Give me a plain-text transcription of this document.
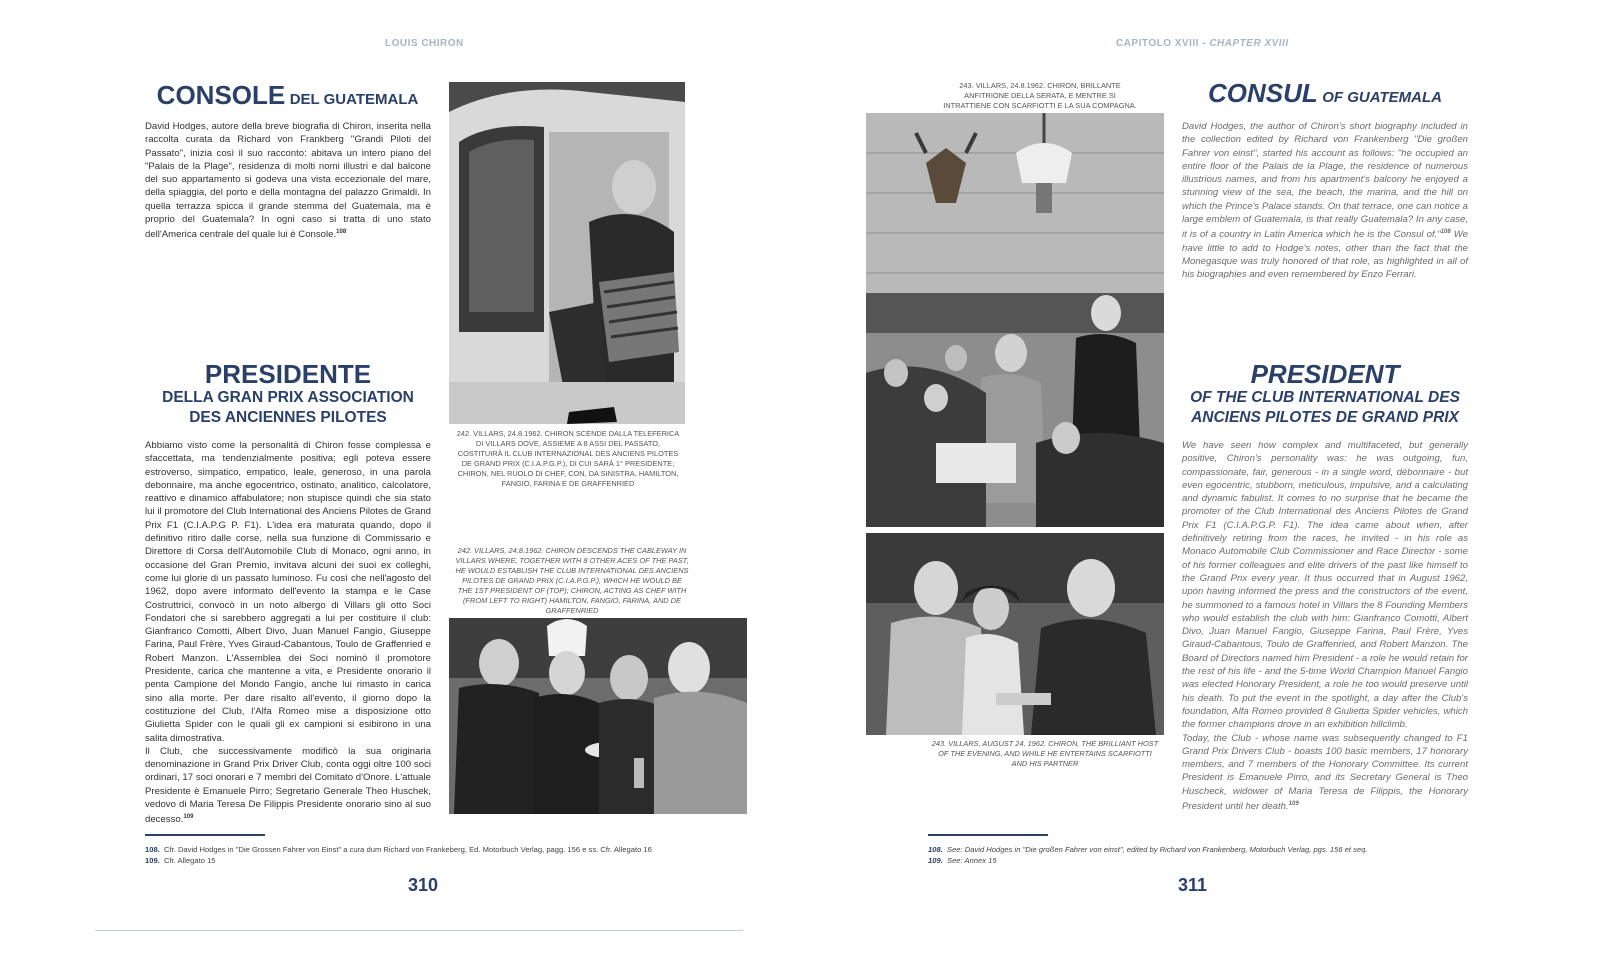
LOUIS CHIRON
CONSOLE DEL GUATEMALA
David Hodges, autore della breve biografia di Chiron, inserita nella raccolta curata da Richard von Frankberg "Grandi Piloti del Passato", inizia così il suo racconto: abitava un intero piano del "Palais de la Plage", residenza di molti nomi illustri e dal balcone del suo appartamento si godeva una vista eccezionale del mare, della spiaggia, del porto e della montagna del palazzo Grimaldi. In quella terrazza spicca il grande stemma del Guatemala, ma è proprio del Guatemala? In ogni caso si tratta di uno stato dell'America centrale del quale lui è Console.$^{108}$
PRESIDENTE
DELLA GRAN PRIX ASSOCIATION
DES ANCIENNES PILOTES
Abbiamo visto come la personalità di Chiron fosse complessa e sfaccettata, ma tendenzialmente positiva; egli poteva essere estroverso, simpatico, empatico, leale, generoso, in una parola debonnaire, ma anche egocentrico, ostinato, analitico, calcolatore, reattivo e dinamico affabulatore; non stupisce quindi che sia stato lui il promotore del Club International des Anciens Pilotes de Grand Prix F1 (C.I.A.P.G P. F1). L'idea era maturata quando, dopo il definitivo ritiro dalle corse, nella sua funzione di Commissario e Direttore di Corsa dell'Automobile Club di Monaco, ogni anno, in occasione del Gran Premio, invitava alcuni dei suoi ex colleghi, come lui glorie di un passato luminoso. Fu così che nell'agosto del 1962, dopo avere informato dell'evento la stampa e le Case Costruttrici, convocò in un noto albergo di Villars gli otto Soci Fondatori che si sarebbero aggregati a lui per costituire il club: Gianfranco Comotti, Albert Divo, Juan Manuel Fangio, Giuseppe Farina, Paul Frère, Yves Giraud-Cabantous, Toulo de Graffenried e Robert Manzon. L'Assemblea dei Soci nominò il promotore Presidente, carica che mantenne a vita, e Presidente onorario il penta Campione del Mondo Fangio, anche lui rimasto in carica sino alla morte. Per dare risalto all'evento, il giorno dopo la costituzione del Club, l'Alfa Romeo mise a disposizione otto Giulietta Spider con le quali gli ex campioni si esibirono in una salita dimostrativa.
Il Club, che successivamente modificò la sua originaria denominazione in Grand Prix Driver Club, conta oggi oltre 100 soci ordinari, 17 soci onorari e 7 membri del Comitato d'Onore. L'attuale Presidente è Emanuele Pirro; Segretario Generale Theo Huschek, vedovo di Maria Teresa De Filippis Presidente onorario sino al suo decesso.$^{109}$
242. VILLARS, 24.8.1962. CHIRON SCENDE DALLA TELEFERICA DI VILLARS DOVE, ASSIEME A 8 ASSI DEL PASSATO, COSTITUIRÀ IL CLUB INTERNAZIONAL DES ANCIENS PILOTES DE GRAND PRIX (C.I.A.P.G.P.), DI CUI SARÀ 1° PRESIDENTE; CHIRON, NEL RUOLO DI CHEF, CON, DA SINISTRA, HAMILTON, FANGIO, FARINA E DE GRAFFENRIED
242. VILLARS, 24.8.1962. CHIRON DESCENDS THE CABLEWAY IN VILLARS WHERE, TOGETHER WITH 8 OTHER ACES OF THE PAST, HE WOULD ESTABLISH THE CLUB INTERNATIONAL DES ANCIENS PILOTES DE GRAND PRIX (C.I.A.P.G.P.), WHICH HE WOULD BE THE 1ST PRESIDENT OF (TOP); CHIRON, ACTING AS CHEF WITH (FROM LEFT TO RIGHT) HAMILTON, FANGIO, FARINA, AND DE GRAFFENRIED
108. Cfr. David Hodges in "Die Grossen Fahrer von Einst" a cura dum Richard von Frankeberg, Ed. Motorbuch Verlag, pagg. 156 e ss. Cfr. Allegato 16
109. Cfr. Allegato 15
310
CAPITOLO XVIII - CHAPTER XVIII
243. VILLARS, 24.8.1962. CHIRON, BRILLANTE ANFITRIONE DELLA SERATA, E MENTRE SI INTRATTIENE CON SCARFIOTTI E LA SUA COMPAGNA.
243. VILLARS, AUGUST 24, 1962. CHIRON, THE BRILLIANT HOST OF THE EVENING, AND WHILE HE ENTERTAINS SCARFIOTTI AND HIS PARTNER
CONSUL OF GUATEMALA
David Hodges, the author of Chiron's short biography included in the collection edited by Richard von Frankenberg "Die großen Fahrer von einst", started his account as follows: "he occupied an entire floor of the Palais de la Plage, the residence of numerous illustrious names, and from his apartment's balcony he enjoyed a stunning view of the sea, the beach, the marina, and the hill on which the Prince's Palace stands. On that terrace, one can notice a large emblem of Guatemala, is that really Guatemala? In any case, it is of a country in Latin America which he is the Consul of."$^{108}$ We have little to add to Hodge's notes, other than the fact that the Monegasque was truly honored of that role, as highlighted in all of his biographies and even remembered by Enzo Ferrari.
PRESIDENT
OF THE CLUB INTERNATIONAL DES
ANCIENS PILOTES DE GRAND PRIX
We have seen how complex and multifaceted, but generally positive, Chiron's personality was: he was outgoing, fun, compassionate, fair, generous - in a single word, débonnaire - but even egocentric, stubborn, meticulous, impulsive, and a calculating and dynamic fabulist. It comes to no surprise that he became the promoter of the Club International des Anciens Pilotes de Grand Prix F1 (C.I.A.P.G.P. F1). The idea came about when, after definitively retiring from the races, he invited - in his role as Monaco Automobile Club Commissioner and Race Director - some of his former colleagues and elite drivers of the past like himself to the Grand Prix every year. It thus occurred that in August 1962, upon having informed the press and the constructors of the event, he summoned to a famous hotel in Villars the 8 Founding Members who would establish the club with him: Gianfranco Comotti, Albert Divo, Juan Manuel Fangio, Giuseppe Farina, Paul Frère, Yves Giraud-Cabantous, Toulo de Graffenried, and Robert Manzon. The Board of Directors named him President - a role he would retain for the rest of his life - and the 5-time World Champion Manuel Fangio was elected Honorary President, a role he too would preserve until his death. To put the event in the spotlight, a day after the Club's foundation, Alfa Romeo provided 8 Giulietta Spider vehicles, which the former champions drove in an exhibition hillclimb.
Today, the Club - whose name was subsequently changed to F1 Grand Prix Drivers Club - boasts 100 basic members, 17 honorary members, and 7 members of the Honorary Committee. Its current President is Emanuele Pirro, and its Secretary General is Theo Huscheck, widower of Maria Teresa de Filippis, the Honorary President until her death.$^{109}$
108. See: David Hodges in "Die großen Fahrer von einst", edited by Richard von Frankenberg, Motorbuch Verlag, pgs. 156 et seq.
109. See: Annex 15
311
